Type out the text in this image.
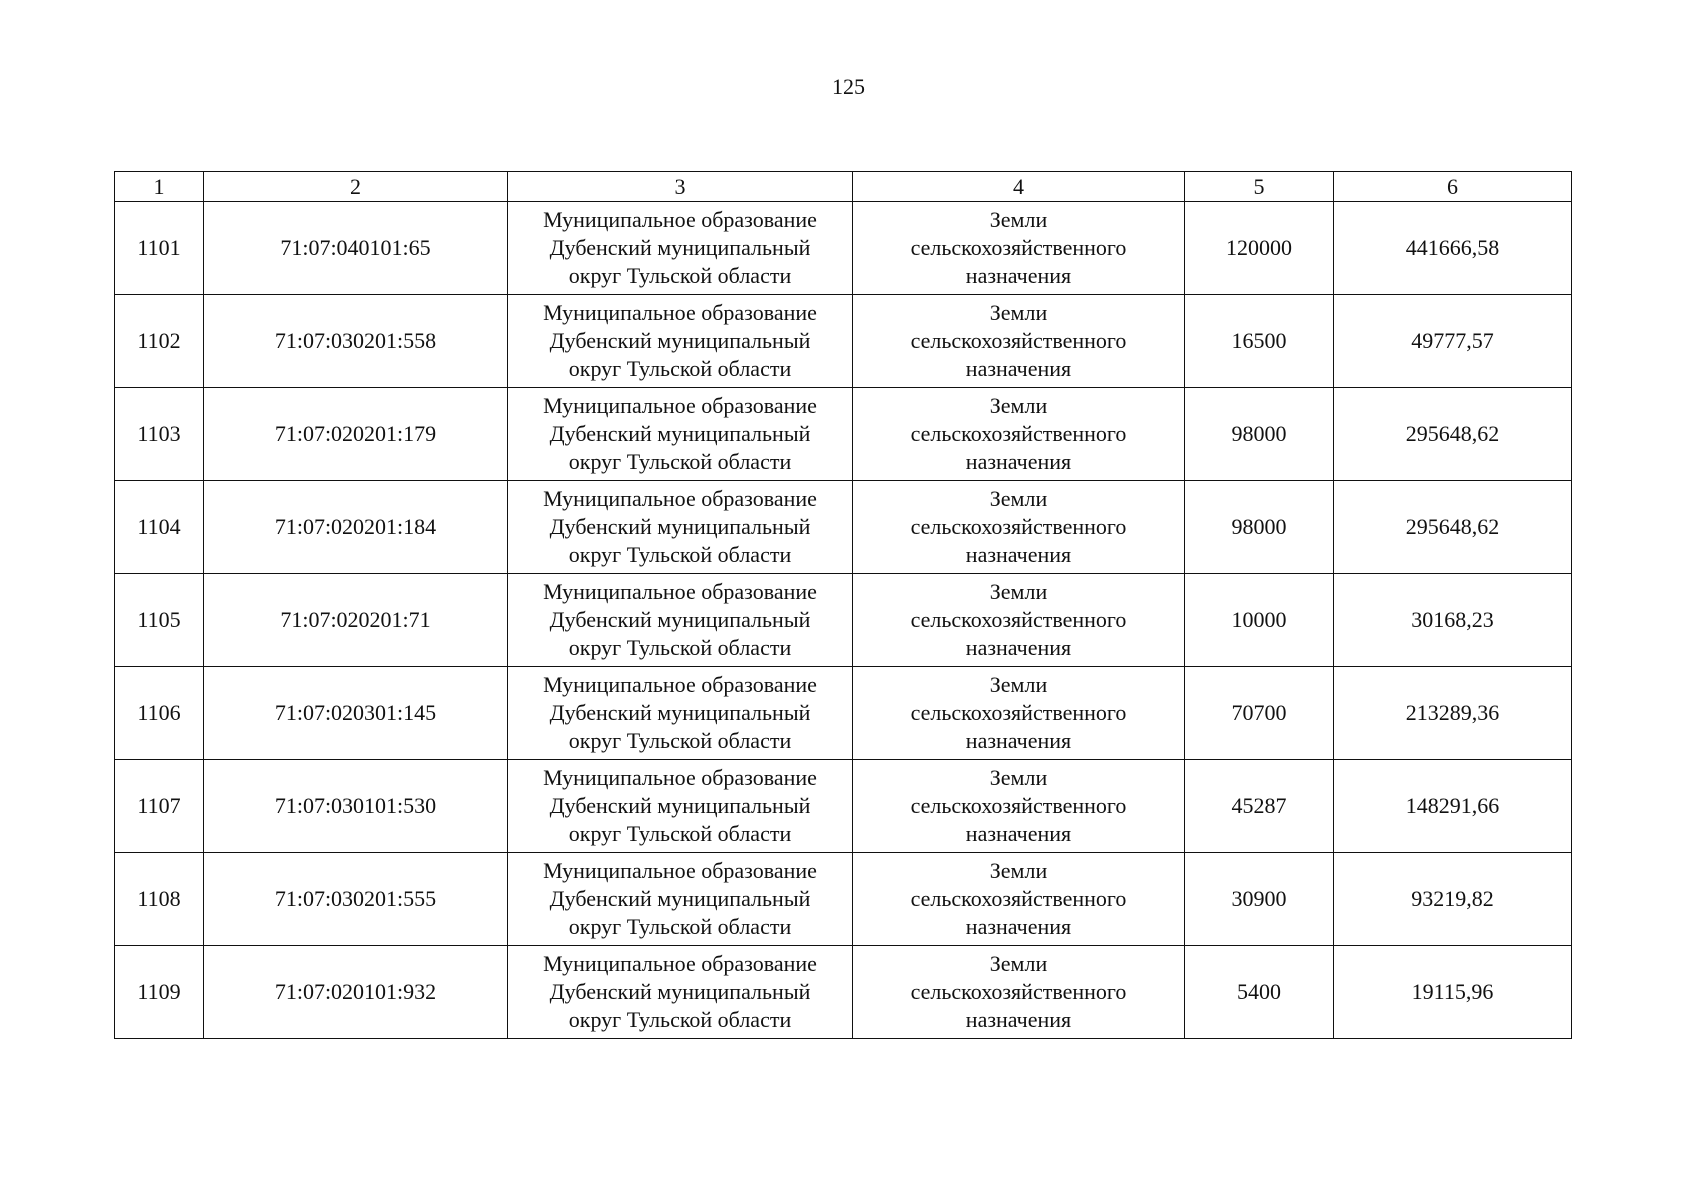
125
1	2	3	4	5	6
1101	71:07:040101:65	Муниципальное образование
Дубенский муниципальный
округ Тульской области	Земли
сельскохозяйственного
назначения	120000	441666,58
1102	71:07:030201:558	Муниципальное образование
Дубенский муниципальный
округ Тульской области	Земли
сельскохозяйственного
назначения	16500	49777,57
1103	71:07:020201:179	Муниципальное образование
Дубенский муниципальный
округ Тульской области	Земли
сельскохозяйственного
назначения	98000	295648,62
1104	71:07:020201:184	Муниципальное образование
Дубенский муниципальный
округ Тульской области	Земли
сельскохозяйственного
назначения	98000	295648,62
1105	71:07:020201:71	Муниципальное образование
Дубенский муниципальный
округ Тульской области	Земли
сельскохозяйственного
назначения	10000	30168,23
1106	71:07:020301:145	Муниципальное образование
Дубенский муниципальный
округ Тульской области	Земли
сельскохозяйственного
назначения	70700	213289,36
1107	71:07:030101:530	Муниципальное образование
Дубенский муниципальный
округ Тульской области	Земли
сельскохозяйственного
назначения	45287	148291,66
1108	71:07:030201:555	Муниципальное образование
Дубенский муниципальный
округ Тульской области	Земли
сельскохозяйственного
назначения	30900	93219,82
1109	71:07:020101:932	Муниципальное образование
Дубенский муниципальный
округ Тульской области	Земли
сельскохозяйственного
назначения	5400	19115,96
